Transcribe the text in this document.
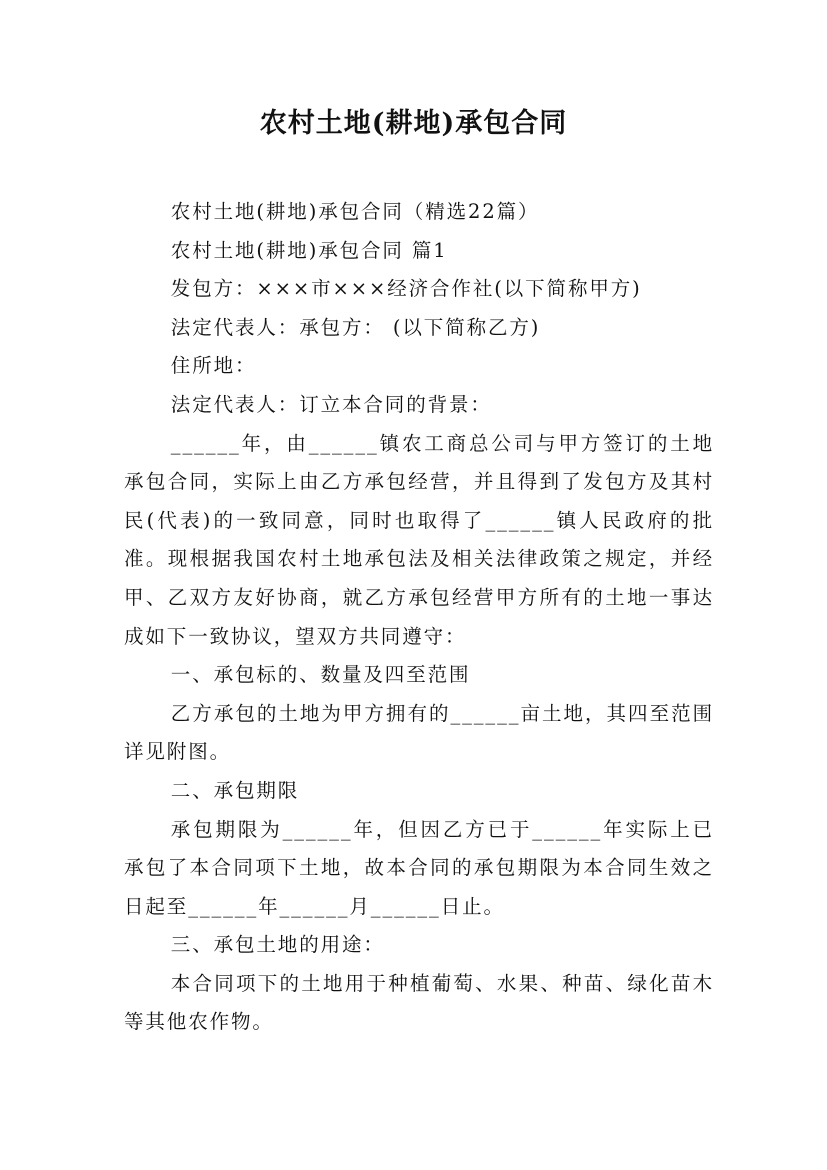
农村土地(耕地)承包合同

农村土地(耕地)承包合同（精选22篇）

农村土地(耕地)承包合同 篇1

发包方：×××市×××经济合作社(以下简称甲方)

法定代表人：承包方： (以下简称乙方)

住所地：

法定代表人：订立本合同的背景：

______年，由______镇农工商总公司与甲方签订的土地承包合同，实际上由乙方承包经营，并且得到了发包方及其村民(代表)的一致同意，同时也取得了______镇人民政府的批准。现根据我国农村土地承包法及相关法律政策之规定，并经甲、乙双方友好协商，就乙方承包经营甲方所有的土地一事达成如下一致协议，望双方共同遵守：

一、承包标的、数量及四至范围

乙方承包的土地为甲方拥有的______亩土地，其四至范围详见附图。

二、承包期限

承包期限为______年，但因乙方已于______年实际上已承包了本合同项下土地，故本合同的承包期限为本合同生效之日起至______年______月______日止。

三、承包土地的用途：

本合同项下的土地用于种植葡萄、水果、种苗、绿化苗木等其他农作物。
